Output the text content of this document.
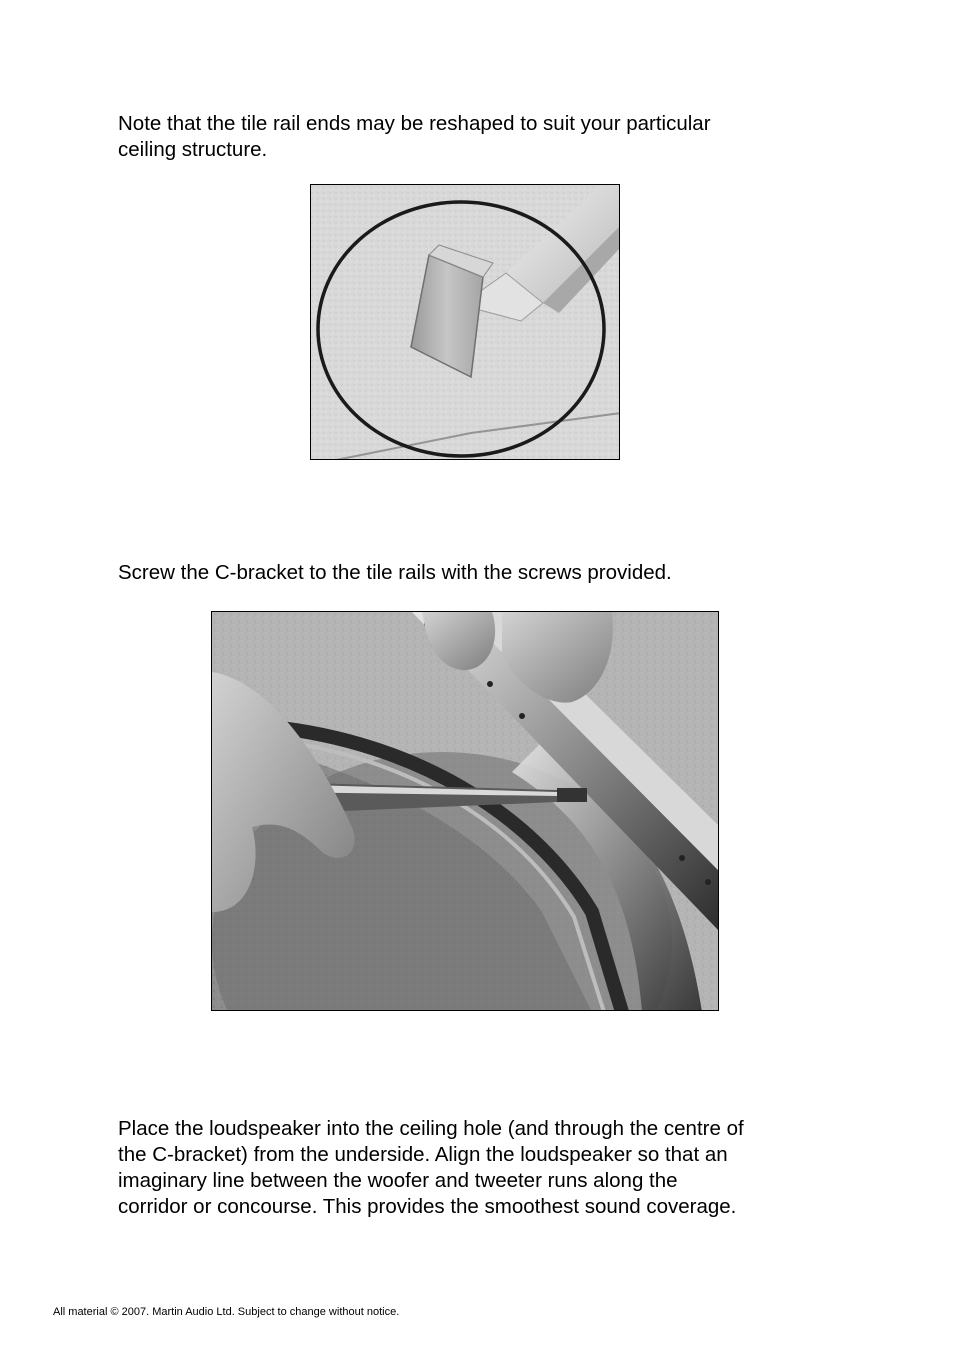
Note that the tile rail ends may be reshaped to suit your particular
ceiling structure.

Screw the C-bracket to the tile rails with the screws provided.

Place the loudspeaker into the ceiling hole (and through the centre of
the C-bracket) from the underside. Align the loudspeaker so that an
imaginary line between the woofer and tweeter runs along the
corridor or concourse. This provides the smoothest sound coverage.

All material © 2007. Martin Audio Ltd. Subject to change without notice.
